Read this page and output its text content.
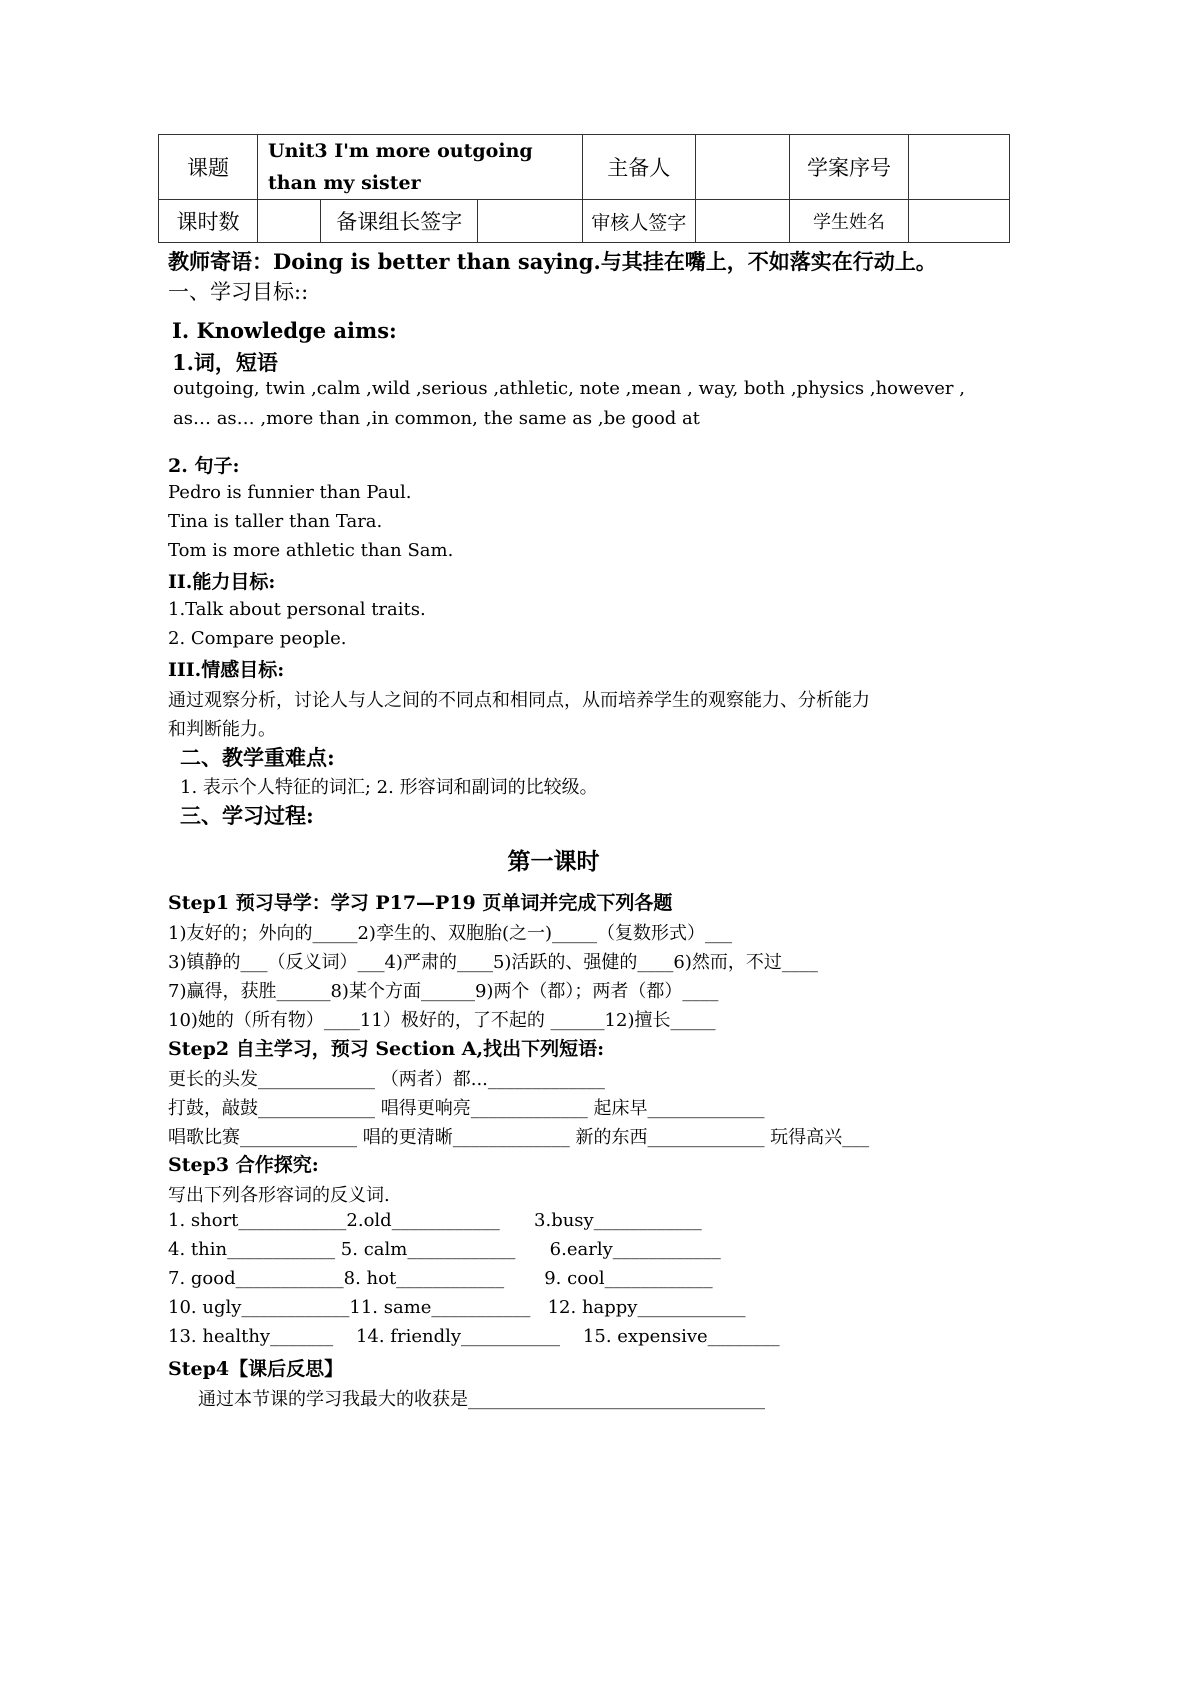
课题	Unit3 I'm more outgoing than my sister			主备人		学案序号	
课时数		备课组长签字		审核人签字		学生姓名	
教师寄语：Doing is better than saying.与其挂在嘴上，不如落实在行动上。
一、学习目标::
I. Knowledge aims:
1.词，短语
outgoing, twin ,calm ,wild ,serious ,athletic, note ,mean , way, both ,physics ,however ,
as… as… ,more than ,in common, the same as ,be good at
2. 句子:
Pedro is funnier than Paul.
Tina is taller than Tara.
Tom is more athletic than Sam.
II.能力目标:
1.Talk about personal traits.
2. Compare people.
III.情感目标:
通过观察分析，讨论人与人之间的不同点和相同点，从而培养学生的观察能力、分析能力
和判断能力。
二、教学重难点:
1. 表示个人特征的词汇; 2. 形容词和副词的比较级。
三、学习过程:
第一课时
Step1 预习导学：学习 P17—P19 页单词并完成下列各题
1)友好的；外向的_____2)孪生的、双胞胎(之一)_____（复数形式）___
3)镇静的___（反义词）___4)严肃的____5)活跃的、强健的____6)然而，不过____
7)赢得，获胜______8)某个方面______9)两个（都）；两者（都）____
10)她的（所有物）____11）极好的，了不起的 ______12)擅长_____
Step2 自主学习，预习 Section A,找出下列短语:
更长的头发_____________ （两者）都..._____________
打鼓，敲鼓_____________ 唱得更响亮_____________ 起床早_____________
唱歌比赛_____________ 唱的更清晰_____________ 新的东西_____________ 玩得高兴___
Step3 合作探究:
写出下列各形容词的反义词.
1. short____________2.old____________      3.busy____________
4. thin____________ 5. calm____________      6.early____________
7. good____________8. hot____________       9. cool____________
10. ugly____________11. same___________   12. happy____________
13. healthy_______    14. friendly___________    15. expensive________
Step4【课后反思】
通过本节课的学习我最大的收获是_________________________________
